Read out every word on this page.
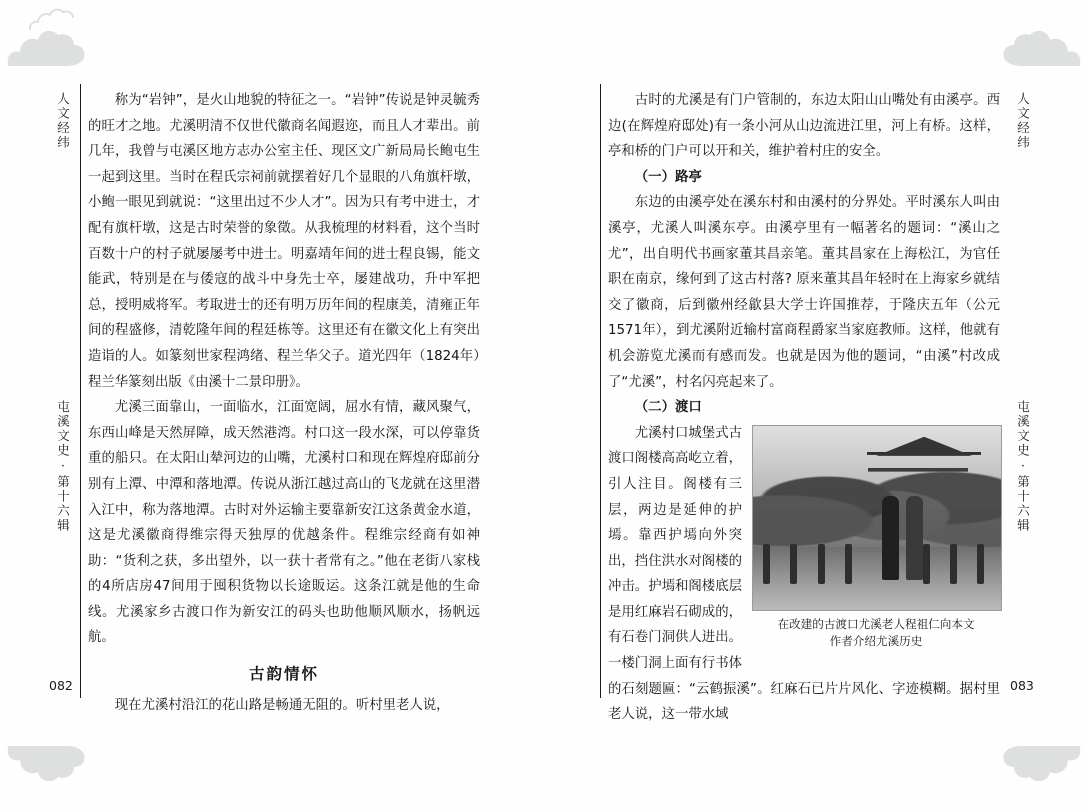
人文经纬	人文经纬
屯溪文史·第十六辑	屯溪文史·第十六辑
082	083

称为“岩钟”，是火山地貌的特征之一。“岩钟”传说是钟灵毓秀的旺才之地。尤溪明清不仅世代徽商名闻遐迩，而且人才辈出。前几年，我曾与屯溪区地方志办公室主任、现区文广新局局长鲍屯生一起到这里。当时在程氏宗祠前就摆着好几个显眼的八角旗杆墩，小鲍一眼见到就说：“这里出过不少人才”。因为只有考中进士，才配有旗杆墩，这是古时荣誉的象徵。从我梳理的材料看，这个当时百数十户的村子就屡屡考中进士。明嘉靖年间的进士程良锡，能文能武，特别是在与倭寇的战斗中身先士卒，屡建战功，升中军把总，授明威将军。考取进士的还有明万历年间的程康美，清雍正年间的程盛修，清乾隆年间的程廷栋等。这里还有在徽文化上有突出造诣的人。如篆刻世家程鸿绪、程兰华父子。道光四年（1824年）程兰华篆刻出版《由溪十二景印册》。

尤溪三面靠山，一面临水，江面宽阔，屈水有情，藏风聚气，东西山峰是天然屏障，成天然港湾。村口这一段水深，可以停靠货重的船只。在太阳山辇河边的山嘴，尤溪村口和现在辉煌府邸前分别有上潭、中潭和落地潭。传说从浙江越过高山的飞龙就在这里潜入江中，称为落地潭。古时对外运输主要靠新安江这条黄金水道，这是尤溪徽商得维宗得天独厚的优越条件。程维宗经商有如神助：“货利之获，多出望外，以一获十者常有之。”他在老街八家栈的4所店房47间用于囤积货物以长途販运。这条江就是他的生命线。尤溪家乡古渡口作为新安江的码头也助他顺风顺水，扬帆远航。

古韵情怀

现在尤溪村沿江的花山路是畅通无阻的。听村里老人说，

古时的尤溪是有门户管制的，东边太阳山山嘴处有由溪亭。西边(在辉煌府邸处)有一条小河从山边流进江里，河上有桥。这样，亭和桥的门户可以开和关，维护着村庄的安全。

（一）路亭

东边的由溪亭处在溪东村和由溪村的分界处。平时溪东人叫由溪亭，尤溪人叫溪东亭。由溪亭里有一幅著名的题词：“溪山之尤”，出自明代书画家董其昌亲笔。董其昌家在上海松江，为官任职在南京，缘何到了这古村落? 原来董其昌年轻时在上海家乡就结交了徽商，后到徽州经歙县大学士许国推荐，于隆庆五年（公元1571年），到尤溪附近输村富商程爵家当家庭教师。这样，他就有机会游览尤溪而有感而发。也就是因为他的题词，“由溪”村改成了“尤溪”，村名闪亮起来了。

（二）渡口

在改建的古渡口尤溪老人程祖仁向本文
作者介绍尤溪历史

尤溪村口城堡式古渡口阁楼高高屹立着，引人注目。阁楼有三层，两边是延伸的护墕。靠西护墕向外突出，挡住洪水对阁楼的冲击。护墕和阁楼底层是用红麻岩石砌成的，有石卷门洞供人进出。一楼门洞上面有行书体的石刻题匾：“云鹤振溪”。红麻石已片片风化、字迹模糊。据村里老人说，这一带水域
